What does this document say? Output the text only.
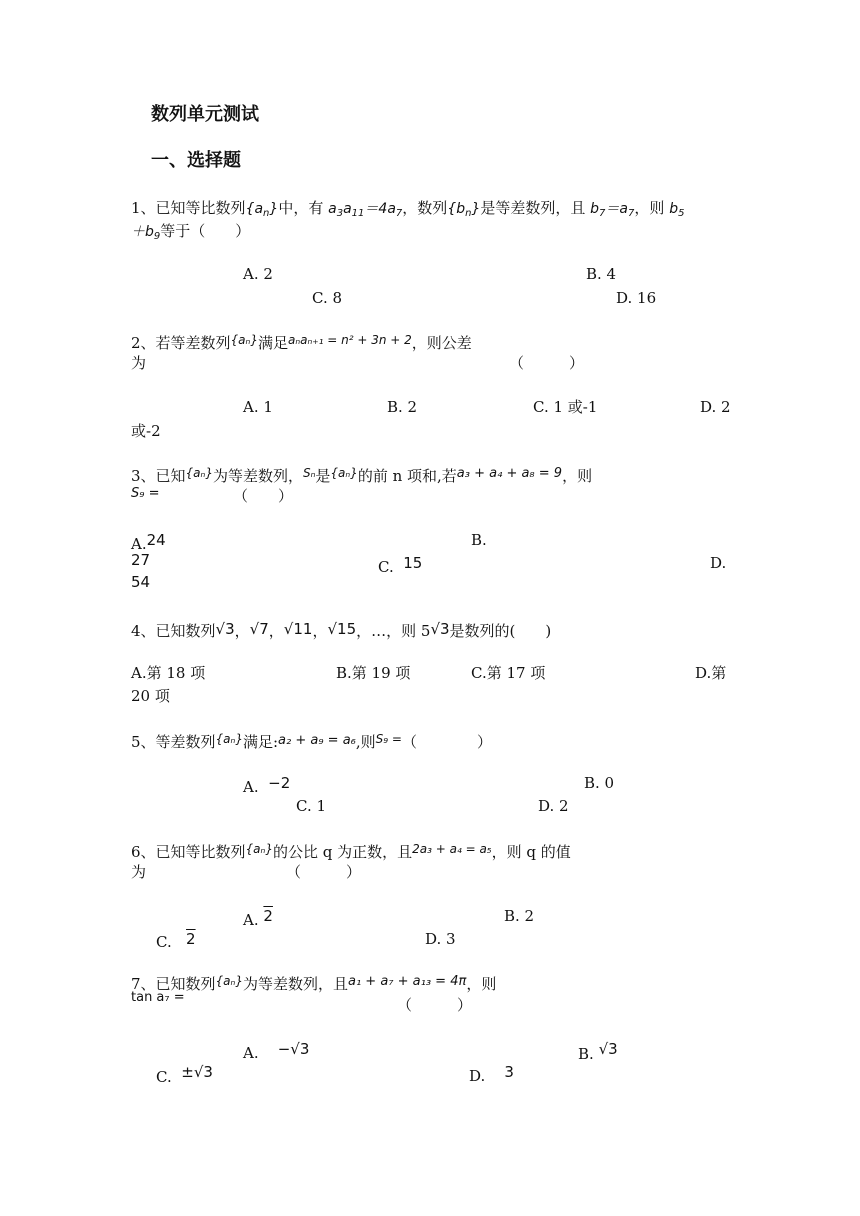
数列单元测试
一、选择题
1、已知等比数列$\{a_n\}$中，有 $a_3a_{11}=4a_7$，数列$\{b_n\}$是等差数列，且 $b_7=a_7$，则 $b_5$
$+b_9$等于（　　）
A. 2	B. 4
C. 8	D. 16
2、若等差数列$^{\{a_n\}}$满足$^{a_na_{n+1} = n^2 + 3n + 2}$，则公差
为	（　　　）
A. 1	B. 2	C. 1 或-1	D. 2
或-2
3、已知$^{\{a_n\}}$为等差数列，$^{S_n}$是$^{\{a_n\}}$的前 n 项和,若a₃ + a₄ + a₈ = 9，则
S₉ =	（　　）
A.24	B.
27	C. 15	D.
54
4、已知数列√3，√7，√11，√15，…，则 5√3是数列的(　　)
A.第 18 项	B.第 19 项	C.第 17 项	D.第
20 项
5、等差数列$^{\{a_n\}}$满足:a₂ + a₉ = a₆,则$^{S_9 =}$（　　　　）
A. −2	B. 0
C. 1	D. 2
6、已知等比数列$^{\{a_n\}}$的公比 q 为正数，且$^{2a_3 + a_4 = a_5}$，则 q 的值
为	（　　　）
A. 2	B. 2
C. 2	D. 3
7、已知数列$^{\{a_n\}}$为等差数列，且a₁ + a₇ + a₁₃ = 4π，则
tan a₇ =	（　　　）
A. −√3	B. √3
C. ±√3	D. 3
